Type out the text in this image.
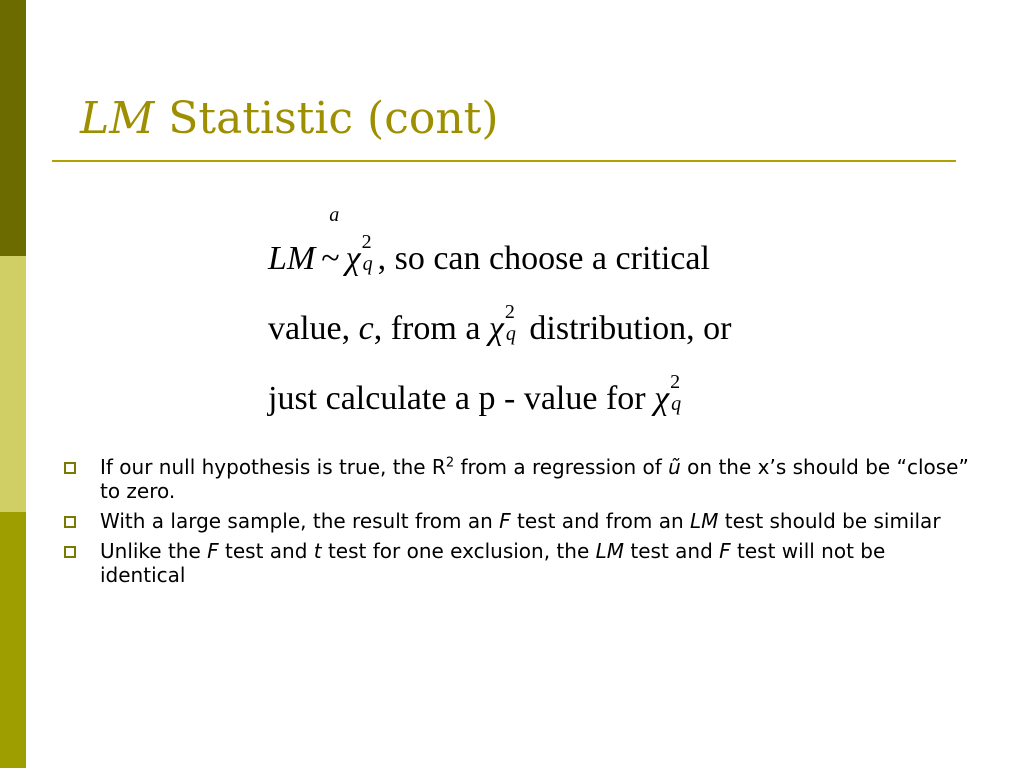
LM Statistic (cont)
LM
a
~ χ 2
q , so can choose a critical
value, c, from a χ 2
q distribution, or
just calculate a p - value for χ 2
q
If our null hypothesis is true, the $R^2$ from a regression of ũ on the x’s should be “close” to zero.
With a large sample, the result from an F test and from an LM test should be similar
Unlike the F test and t test for one exclusion, the LM test and F test will not be identical
